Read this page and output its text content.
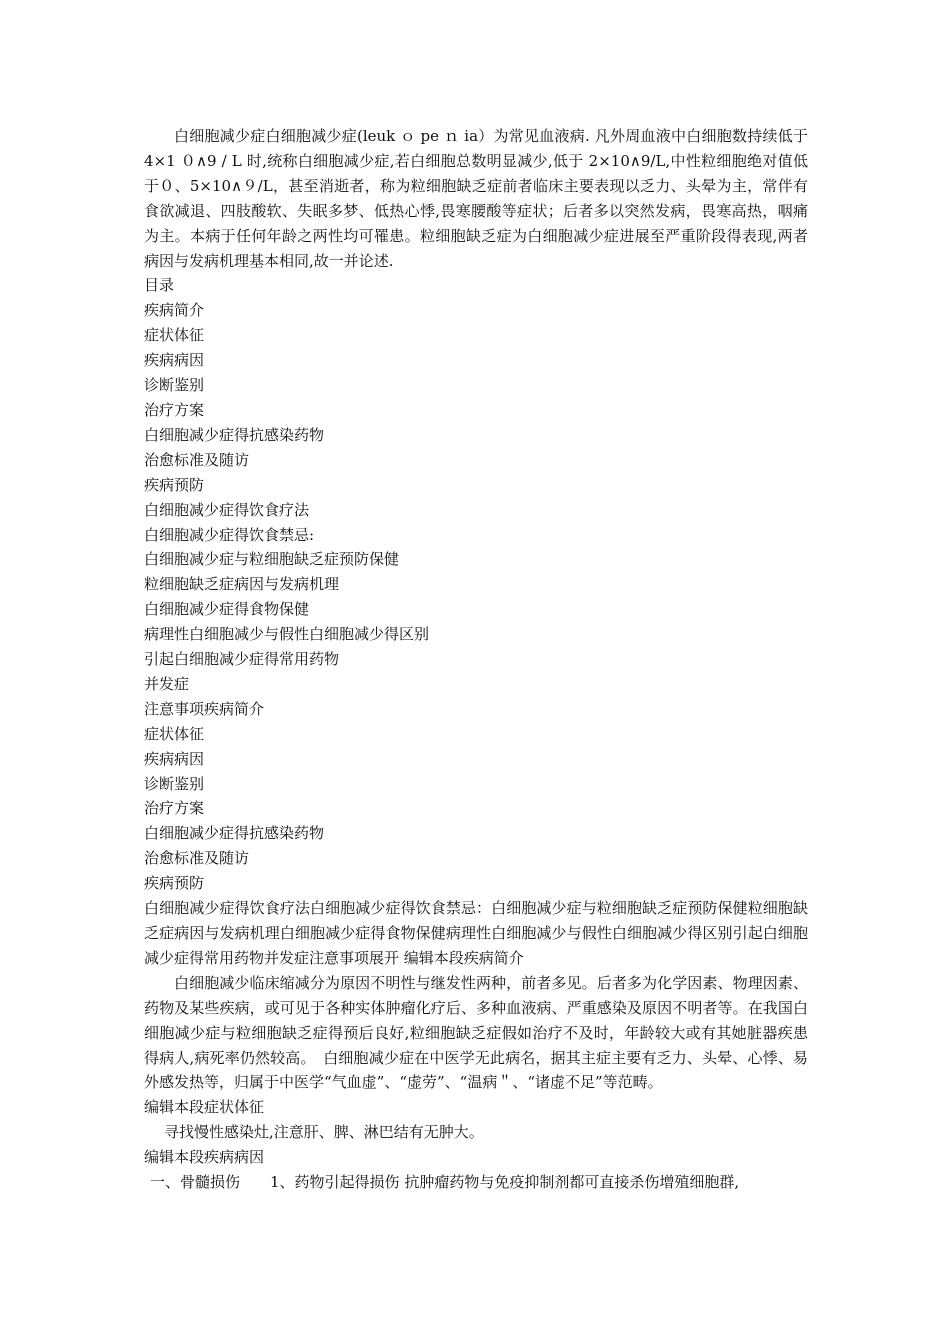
白细胞减少症白细胞减少症(leuk ｏ pe ｎ ia）为常见血液病. 凡外周血液中白细胞数持续低于 4×1 ０∧9 / L 时,统称白细胞减少症,若白细胞总数明显减少,低于 2×10∧9/L,中性粒细胞绝对值低于０、5×10∧９/L，甚至消逝者，称为粒细胞缺乏症前者临床主要表现以乏力、头晕为主，常伴有食欲减退、四肢酸软、失眠多梦、低热心悸,畏寒腰酸等症状；后者多以突然发病，畏寒高热，咽痛为主。本病于任何年龄之两性均可罹患。粒细胞缺乏症为白细胞减少症进展至严重阶段得表现,两者病因与发病机理基本相同,故一并论述.

目录

疾病简介

症状体征

疾病病因

诊断鉴别

治疗方案

白细胞减少症得抗感染药物

治愈标准及随访

疾病预防

白细胞减少症得饮食疗法

白细胞减少症得饮食禁忌:

白细胞减少症与粒细胞缺乏症预防保健

粒细胞缺乏症病因与发病机理

白细胞减少症得食物保健

病理性白细胞减少与假性白细胞减少得区别

引起白细胞减少症得常用药物

并发症

注意事项疾病简介

症状体征

疾病病因

诊断鉴别

治疗方案

白细胞减少症得抗感染药物

治愈标准及随访

疾病预防

白细胞减少症得饮食疗法白细胞减少症得饮食禁忌：白细胞减少症与粒细胞缺乏症预防保健粒细胞缺乏症病因与发病机理白细胞减少症得食物保健病理性白细胞减少与假性白细胞减少得区别引起白细胞减少症得常用药物并发症注意事项展开 编辑本段疾病简介

白细胞减少临床缩减分为原因不明性与继发性两种，前者多见。后者多为化学因素、物理因素、药物及某些疾病，或可见于各种实体肿瘤化疗后、多种血液病、严重感染及原因不明者等。在我国白细胞减少症与粒细胞缺乏症得预后良好,粒细胞缺乏症假如治疗不及时，年龄较大或有其她脏器疾患得病人,病死率仍然较高。　白细胞减少症在中医学无此病名，据其主症主要有乏力、头晕、心悸、易外感发热等，归属于中医学“气血虚”、“虚劳”、“温病＂、“诸虚不足”等范畴。

编辑本段症状体征

寻找慢性感染灶,注意肝、脾、淋巴结有无肿大。

编辑本段疾病病因

一、骨髓损伤　　1、药物引起得损伤 抗肿瘤药物与免疫抑制剂都可直接杀伤增殖细胞群,
